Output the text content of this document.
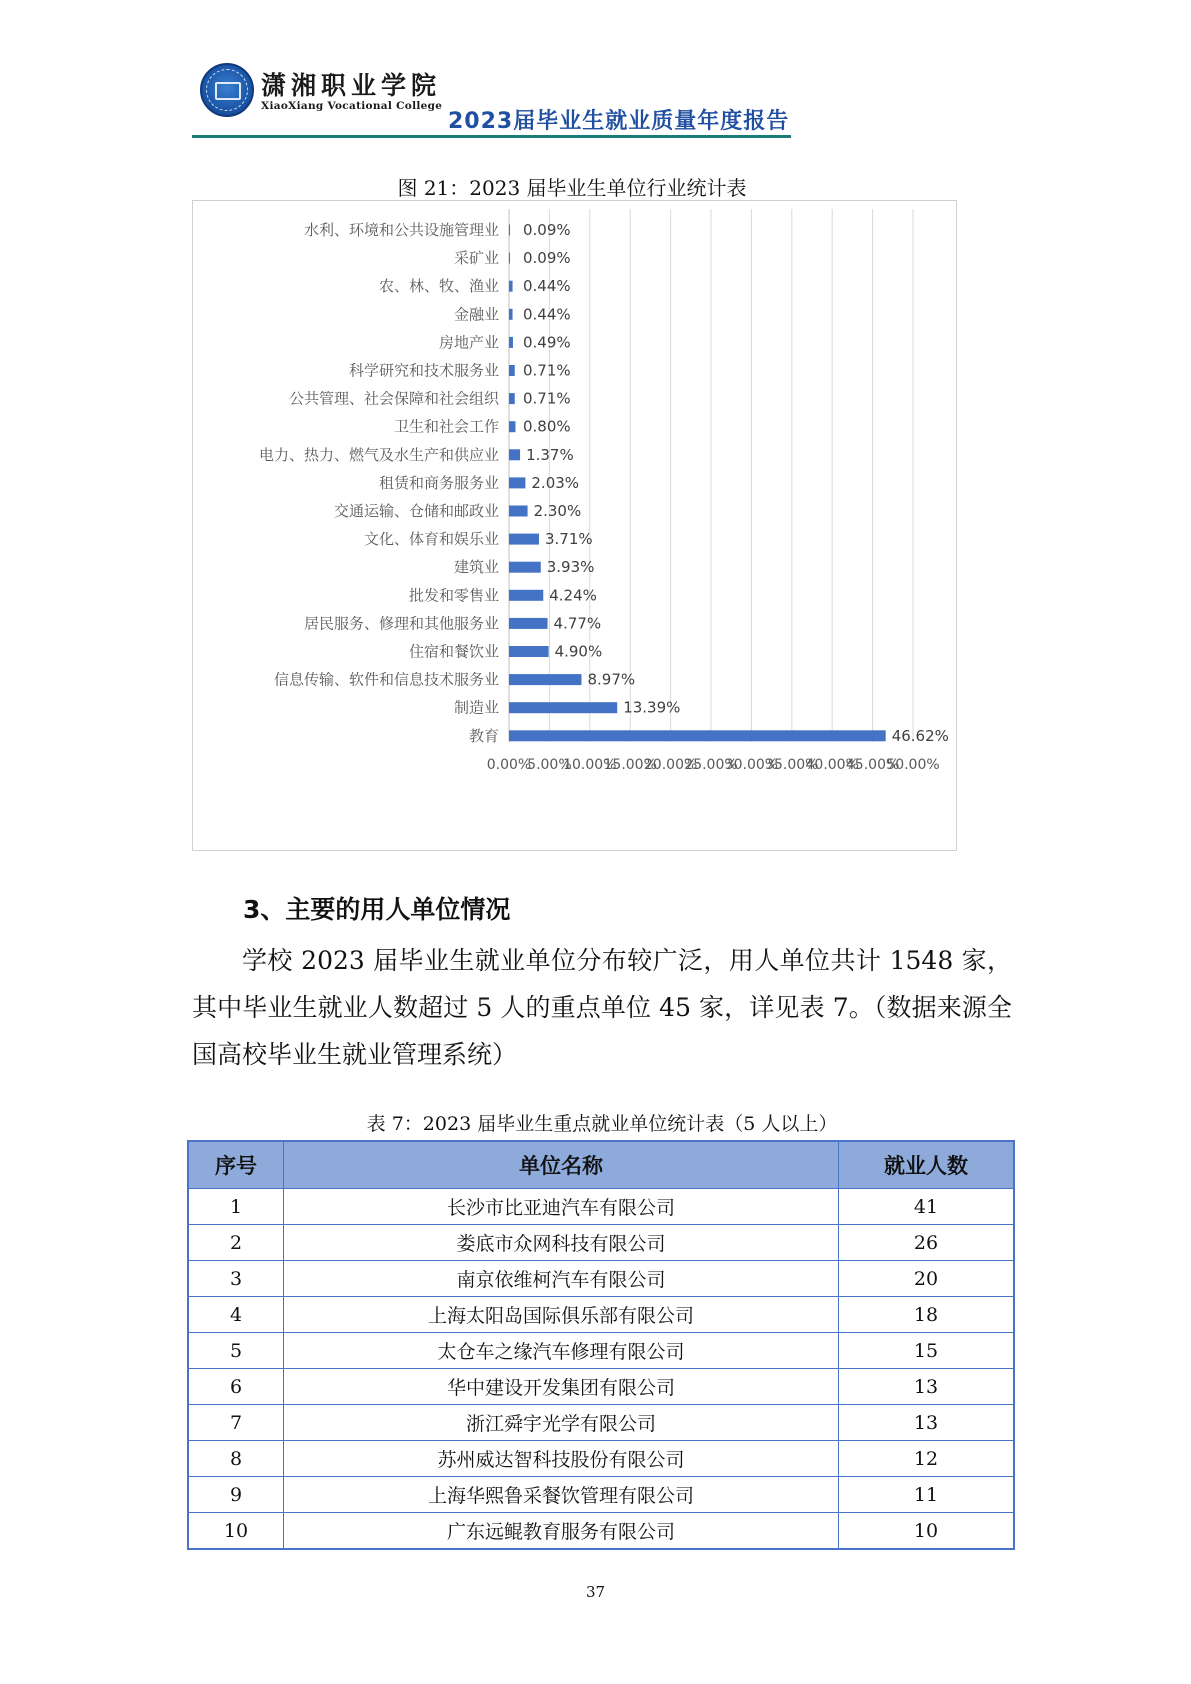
潇湘职业学院
XiaoXiang Vocational College
2023届毕业生就业质量年度报告
图 21：2023 届毕业生单位行业统计表
0.00%
5.00%
10.00%
15.00%
20.00%
25.00%
30.00%
35.00%
40.00%
45.00%
50.00%
水利、环境和公共设施管理业 0.09%
采矿业 0.09%
农、林、牧、渔业 0.44%
金融业 0.44%
房地产业 0.49%
科学研究和技术服务业 0.71%
公共管理、社会保障和社会组织 0.71%
卫生和社会工作 0.80%
电力、热力、燃气及水生产和供应业 1.37%
租赁和商务服务业 2.03%
交通运输、仓储和邮政业 2.30%
文化、体育和娱乐业	3.71%
建筑业	3.93%
批发和零售业	4.24%
居民服务、修理和其他服务业	4.77%
住宿和餐饮业	4.90%
信息传输、软件和信息技术服务业	8.97%
制造业	13.39%
教育	46.62%
3、主要的用人单位情况
学校 2023 届毕业生就业单位分布较广泛，用人单位共计 1548 家，其中毕业生就业人数超过 5 人的重点单位 45 家，详见表 7。（数据来源全国高校毕业生就业管理系统）
表 7：2023 届毕业生重点就业单位统计表（5 人以上）
序号	单位名称	就业人数
1	长沙市比亚迪汽车有限公司	41
2	娄底市众网科技有限公司	26
3	南京依维柯汽车有限公司	20
4	上海太阳岛国际俱乐部有限公司	18
5	太仓车之缘汽车修理有限公司	15
6	华中建设开发集团有限公司	13
7	浙江舜宇光学有限公司	13
8	苏州威达智科技股份有限公司	12
9	上海华熙鲁采餐饮管理有限公司	11
10	广东远鲲教育服务有限公司	10
37
